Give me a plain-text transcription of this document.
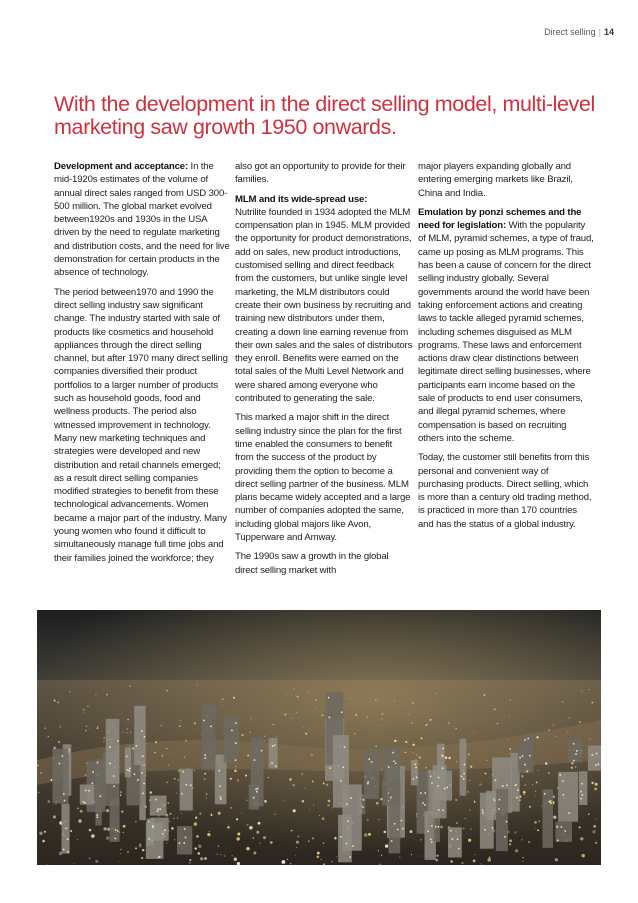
Direct selling | 14
With the development in the direct selling model, multi-level marketing saw growth 1950 onwards.

Development and acceptance: In the mid-1920s estimates of the volume of annual direct sales ranged from USD 300-500 million. The global market evolved between1920s and 1930s in the USA driven by the need to regulate marketing and distribution costs, and the need for live demonstration for certain products in the absence of technology.

The period between1970 and 1990 the direct selling industry saw significant change. The industry started with sale of products like cosmetics and household appliances through the direct selling channel, but after 1970 many direct selling companies diversified their product portfolios to a larger number of products such as household goods, food and wellness products. The period also witnessed improvement in technology. Many new marketing techniques and strategies were developed and new distribution and retail channels emerged; as a result direct selling companies modified strategies to benefit from these technological advancements. Women became a major part of the industry. Many young women who found it difficult to simultaneously manage full time jobs and their families joined the workforce; they

also got an opportunity to provide for their families.

MLM and its wide-spread use:
Nutrilite founded in 1934 adopted the MLM compensation plan in 1945. MLM provided the opportunity for product demonstrations, add on sales, new product introductions, customised selling and direct feedback from the customers, but unlike single level marketing, the MLM distributors could create their own business by recruiting and training new distributors under them, creating a down line earning revenue from their own sales and the sales of distributors they enroll. Benefits were earned on the total sales of the Multi Level Network and were shared among everyone who contributed to generating the sale.

This marked a major shift in the direct selling industry since the plan for the first time enabled the consumers to benefit from the success of the product by providing them the option to become a direct selling partner of the business. MLM plans became widely accepted and a large number of companies adopted the same, including global majors like Avon, Tupperware and Amway.

The 1990s saw a growth in the global direct selling market with

major players expanding globally and entering emerging markets like Brazil, China and India.

Emulation by ponzi schemes and the need for legislation: With the popularity of MLM, pyramid schemes, a type of fraud, came up posing as MLM programs. This has been a cause of concern for the direct selling industry globally. Several governments around the world have been taking enforcement actions and creating laws to tackle alleged pyramid schemes, including schemes disguised as MLM programs. These laws and enforcement actions draw clear distinctions between legitimate direct selling businesses, where participants earn income based on the sale of products to end user consumers, and illegal pyramid schemes, where compensation is based on recruiting others into the scheme.

Today, the customer still benefits from this personal and convenient way of purchasing products. Direct selling, which is more than a century old trading method, is practiced in more than 170 countries and has the status of a global industry.
